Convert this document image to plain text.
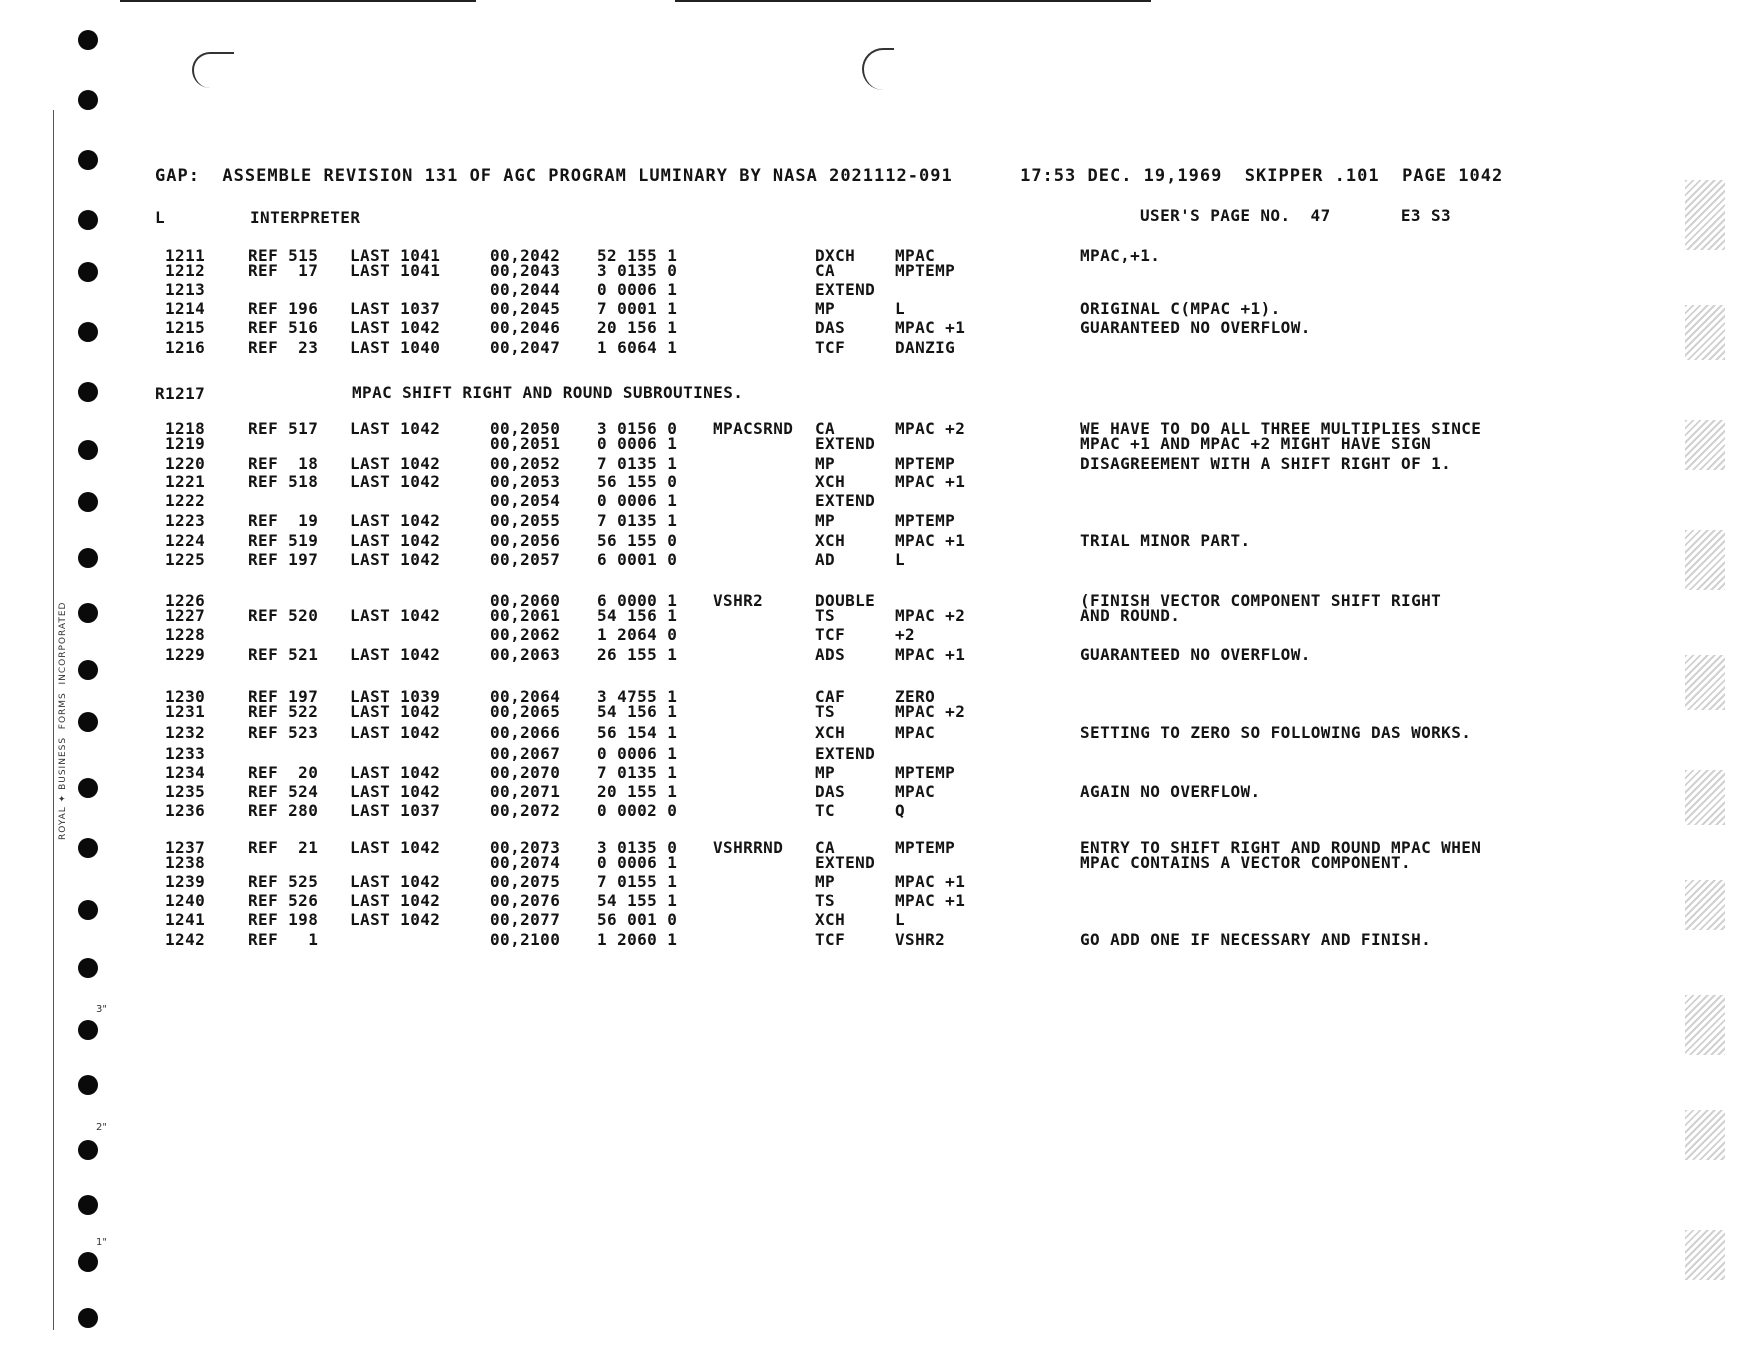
ROYAL ✦ BUSINESS  FORMS  INCORPORATED
3"
2"
1"
GAP:  ASSEMBLE REVISION 131 OF AGC PROGRAM LUMINARY BY NASA 2021112-091      17:53 DEC. 19,1969  SKIPPER .101  PAGE 1042
L	INTERPRETER	USER'S PAGE NO.  47       E3 S3
R1217	MPAC SHIFT RIGHT AND ROUND SUBROUTINES.
1211	REF 515 LAST 1041	00,2042 52 155 1	DXCH MPAC	MPAC,+1.
1212	REF  17 LAST 1041	00,2043 3 0135 0	CA	MPTEMP
1213	00,2044 0 0006 1	EXTEND
1214	REF 196 LAST 1037	00,2045 7 0001 1	MP	L	ORIGINAL C(MPAC +1).
1215	REF 516 LAST 1042	00,2046 20 156 1	DAS	MPAC +1	GUARANTEED NO OVERFLOW.
1216	REF  23 LAST 1040	00,2047 1 6064 1	TCF	DANZIG
1218	REF 517 LAST 1042	00,2050 3 0156 0 MPACSRND CA	MPAC +2	WE HAVE TO DO ALL THREE MULTIPLIES SINCE
1219	00,2051 0 0006 1	EXTEND	MPAC +1 AND MPAC +2 MIGHT HAVE SIGN
1220	REF  18 LAST 1042	00,2052 7 0135 1	MP	MPTEMP	DISAGREEMENT WITH A SHIFT RIGHT OF 1.
1221	REF 518 LAST 1042	00,2053 56 155 0	XCH	MPAC +1
1222	00,2054 0 0006 1	EXTEND
1223	REF  19 LAST 1042	00,2055 7 0135 1	MP	MPTEMP
1224	REF 519 LAST 1042	00,2056 56 155 0	XCH	MPAC +1	TRIAL MINOR PART.
1225	REF 197 LAST 1042	00,2057 6 0001 0	AD	L
1226	00,2060 6 0000 1 VSHR2	DOUBLE	(FINISH VECTOR COMPONENT SHIFT RIGHT
1227	REF 520 LAST 1042	00,2061 54 156 1	TS	MPAC +2	AND ROUND.
1228	00,2062 1 2064 0	TCF	+2
1229	REF 521 LAST 1042	00,2063 26 155 1	ADS	MPAC +1	GUARANTEED NO OVERFLOW.
1230	REF 197 LAST 1039	00,2064 3 4755 1	CAF	ZERO
1231	REF 522 LAST 1042	00,2065 54 156 1	TS	MPAC +2
1232	REF 523 LAST 1042	00,2066 56 154 1	XCH	MPAC	SETTING TO ZERO SO FOLLOWING DAS WORKS.
1233	00,2067 0 0006 1	EXTEND
1234	REF  20 LAST 1042	00,2070 7 0135 1	MP	MPTEMP
1235	REF 524 LAST 1042	00,2071 20 155 1	DAS	MPAC	AGAIN NO OVERFLOW.
1236	REF 280 LAST 1037	00,2072 0 0002 0	TC	Q
1237	REF  21 LAST 1042	00,2073 3 0135 0 VSHRRND CA	MPTEMP	ENTRY TO SHIFT RIGHT AND ROUND MPAC WHEN
1238	00,2074 0 0006 1	EXTEND	MPAC CONTAINS A VECTOR COMPONENT.
1239	REF 525 LAST 1042	00,2075 7 0155 1	MP	MPAC +1
1240	REF 526 LAST 1042	00,2076 54 155 1	TS	MPAC +1
1241	REF 198 LAST 1042	00,2077 56 001 0	XCH	L
1242	REF   1	00,2100 1 2060 1	TCF	VSHR2	GO ADD ONE IF NECESSARY AND FINISH.
